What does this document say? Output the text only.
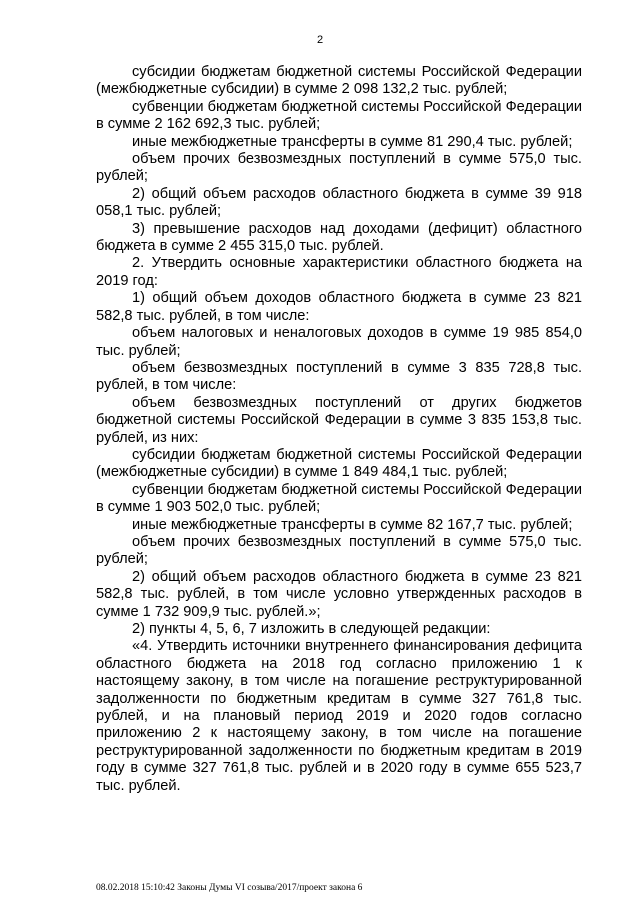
2

субсидии бюджетам бюджетной системы Российской Федерации (межбюджетные субсидии) в сумме 2 098 132,2 тыс. рублей;

субвенции бюджетам бюджетной системы Российской Федерации в сумме 2 162 692,3 тыс. рублей;

иные межбюджетные трансферты в сумме 81 290,4 тыс. рублей;

объем прочих безвозмездных поступлений в сумме 575,0 тыс. рублей;

2) общий объем расходов областного бюджета в сумме 39 918 058,1 тыс. рублей;

3) превышение расходов над доходами (дефицит) областного бюджета в сумме 2 455 315,0 тыс. рублей.

2. Утвердить основные характеристики областного бюджета на 2019 год:

1) общий объем доходов областного бюджета в сумме 23 821 582,8 тыс. рублей, в том числе:

объем налоговых и неналоговых доходов в сумме 19 985 854,0 тыс. рублей;

объем безвозмездных поступлений в сумме 3 835 728,8 тыс. рублей, в том числе:

объем безвозмездных поступлений от других бюджетов бюджетной системы Российской Федерации в сумме 3 835 153,8 тыс. рублей, из них:

субсидии бюджетам бюджетной системы Российской Федерации (межбюджетные субсидии) в сумме 1 849 484,1 тыс. рублей;

субвенции бюджетам бюджетной системы Российской Федерации в сумме 1 903 502,0 тыс. рублей;

иные межбюджетные трансферты в сумме 82 167,7 тыс. рублей;

объем прочих безвозмездных поступлений в сумме 575,0 тыс. рублей;

2) общий объем расходов областного бюджета в сумме 23 821 582,8 тыс. рублей, в том числе условно утвержденных расходов в сумме 1 732 909,9 тыс. рублей.»;

2) пункты 4, 5, 6, 7 изложить в следующей редакции:

«4. Утвердить источники внутреннего финансирования дефицита областного бюджета на 2018 год согласно приложению 1 к настоящему закону, в том числе на погашение реструктурированной задолженности по бюджетным кредитам в сумме 327 761,8 тыс. рублей, и на плановый период 2019 и 2020 годов согласно приложению 2 к настоящему закону, в том числе на погашение реструктурированной задолженности по бюджетным кредитам в 2019 году в сумме 327 761,8 тыс. рублей и в 2020 году в сумме 655 523,7 тыс. рублей.

08.02.2018 15:10:42 Законы Думы VI созыва/2017/проект закона 6
